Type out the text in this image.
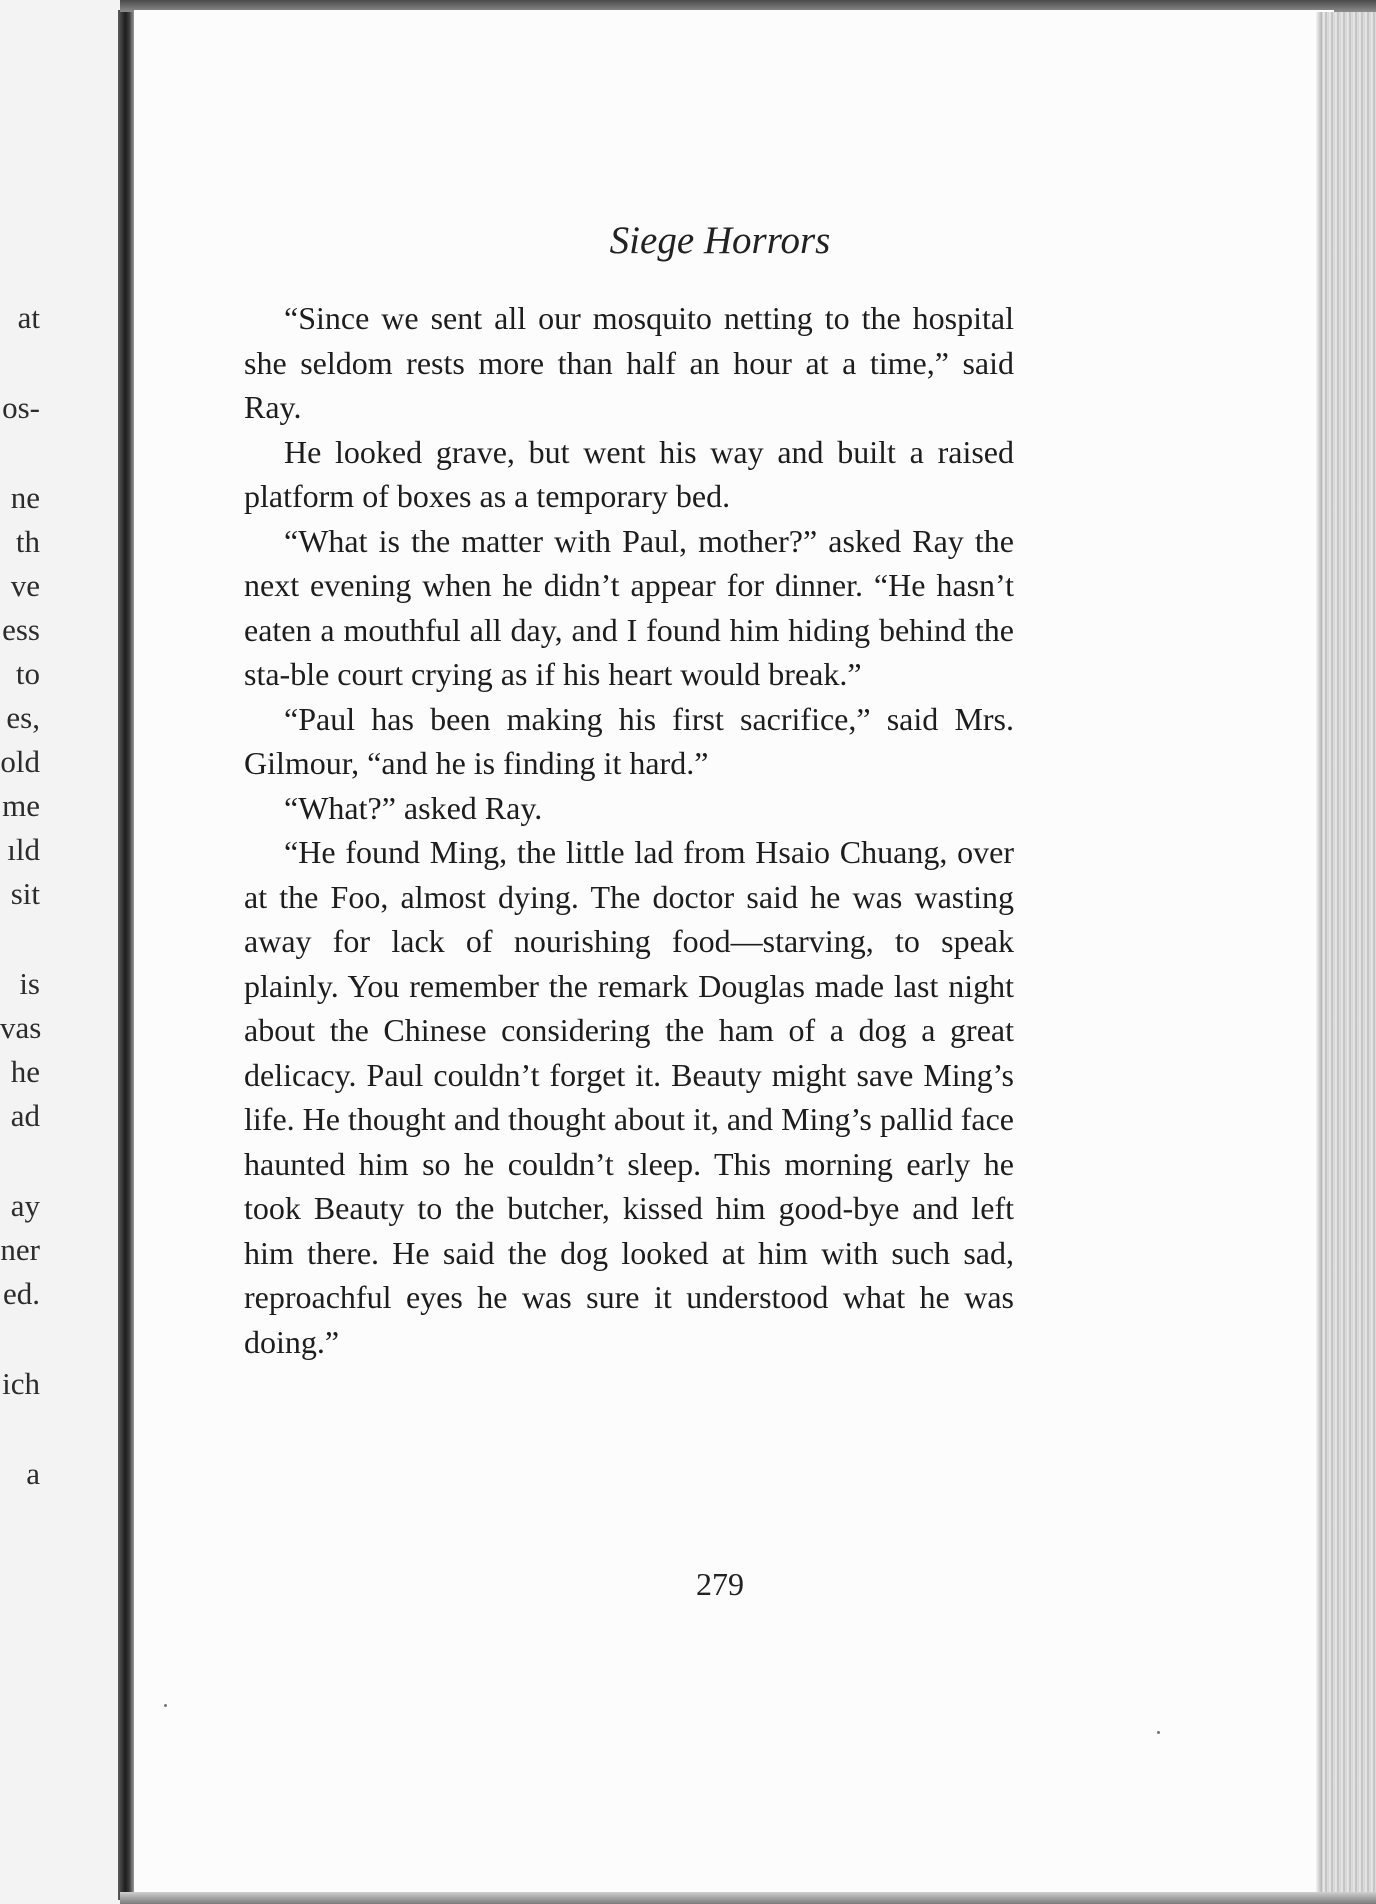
at
os-
ne
th
ve
ess
to
es,
old
me
ıld
sit
is
vas
he
ad
ay
ner
ed.
ich
a
Siege Horrors

“Since we sent all our mosquito netting to the hospital she seldom rests more than half an hour at a time,” said Ray.

He looked grave, but went his way and built a raised platform of boxes as a temporary bed.

“What is the matter with Paul, mother?” asked Ray the next evening when he didn’t appear for dinner. “He hasn’t eaten a mouthful all day, and I found him hiding behind the sta-ble court crying as if his heart would break.”

“Paul has been making his first sacrifice,” said Mrs. Gilmour, “and he is finding it hard.”

“What?” asked Ray.

“He found Ming, the little lad from Hsaio Chuang, over at the Foo, almost dying. The doctor said he was wasting away for lack of nourishing food—starving, to speak plainly. You remember the remark Douglas made last night about the Chinese considering the ham of a dog a great delicacy. Paul couldn’t forget it. Beauty might save Ming’s life. He thought and thought about it, and Ming’s pallid face haunted him so he couldn’t sleep. This morning early he took Beauty to the butcher, kissed him good-bye and left him there. He said the dog looked at him with such sad, reproachful eyes he was sure it understood what he was doing.”

279
